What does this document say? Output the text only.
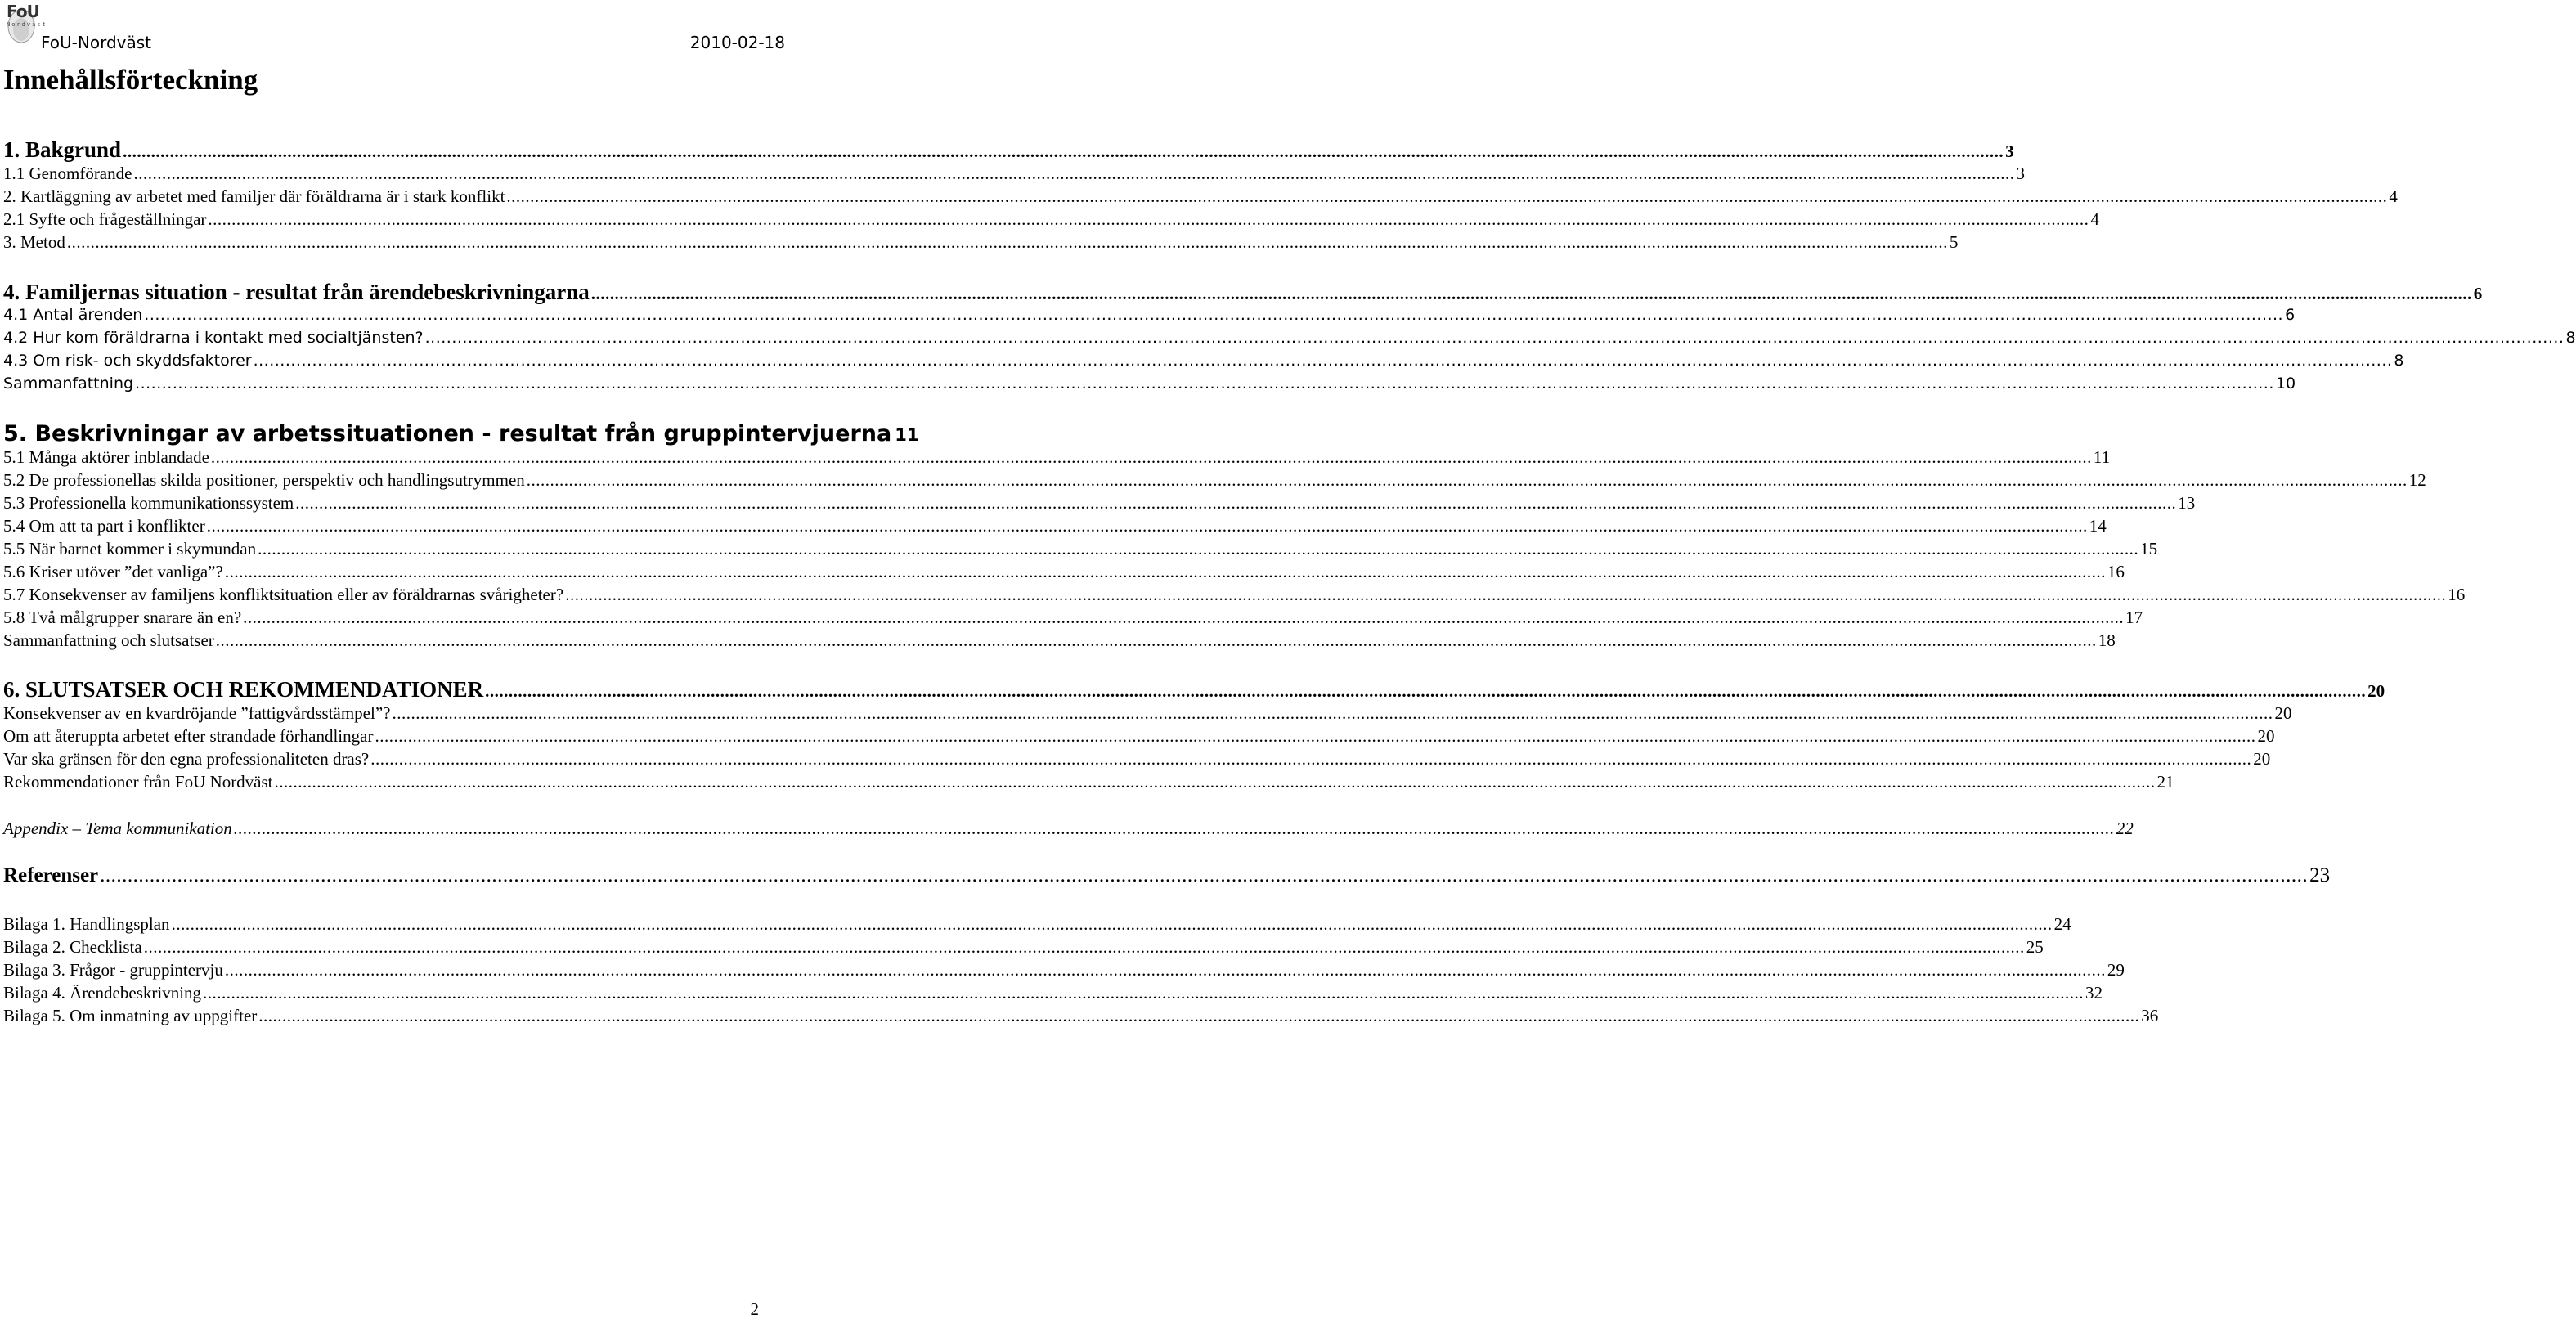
FoU
Nordväst
FoU-Nordväst	2010-02-18
Innehållsförteckning
1. Bakgrund .....	3
1.1 Genomförande .....	3
2. Kartläggning av arbetet med familjer där föräldrarna är i stark konflikt .....	4
2.1 Syfte och frågeställningar .....	4
3. Metod .....	5
4. Familjernas situation - resultat från ärendebeskrivningarna .....	6
4.1 Antal ärenden .....	6
4.2 Hur kom föräldrarna i kontakt med socialtjänsten? .....	8
4.3 Om risk- och skyddsfaktorer .....	8
Sammanfattning .....	10
5. Beskrivningar av arbetssituationen - resultat från gruppintervjuerna 11
5.1 Många aktörer inblandade .....	11
5.2 De professionellas skilda positioner, perspektiv och handlingsutrymmen .....	12
5.3 Professionella kommunikationssystem .....	13
5.4 Om att ta part i konflikter .....	14
5.5 När barnet kommer i skymundan .....	15
5.6 Kriser utöver ”det vanliga”? .....	16
5.7 Konsekvenser av familjens konfliktsituation eller av föräldrarnas svårigheter? .....	16
5.8 Två målgrupper snarare än en? .....	17
Sammanfattning och slutsatser .....	18
6. SLUTSATSER OCH REKOMMENDATIONER .....	20
Konsekvenser av en kvardröjande ”fattigvårdsstämpel”? .....	20
Om att återuppta arbetet efter strandade förhandlingar .....	20
Var ska gränsen för den egna professionaliteten dras? .....	20
Rekommendationer från FoU Nordväst .....	21
Appendix – Tema kommunikation .....	22
Referenser .....	23
Bilaga 1. Handlingsplan .....	24
Bilaga 2. Checklista .....	25
Bilaga 3. Frågor - gruppintervju .....	29
Bilaga 4. Ärendebeskrivning .....	32
Bilaga 5. Om inmatning av uppgifter .....	36
2
